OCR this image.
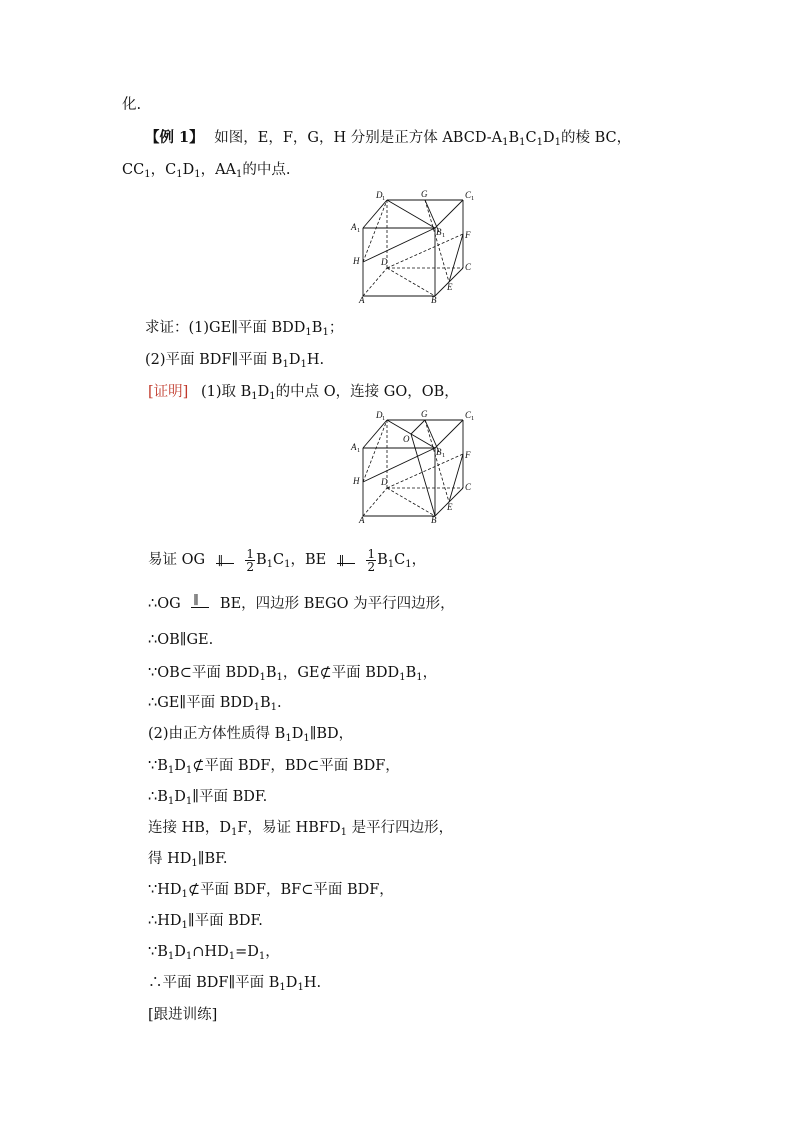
化.
【例 1】 如图，E，F，G，H 分别是正方体 ABCD-$A_1B_1C_1D_1$的棱 BC，
$CC_1$，$C_1D_1$，$AA_1$的中点.
D 1	G	C 1
A 1	B 1 F
H D	C
A	B
E
求证：(1)GE∥平面 $BDD_1B_1$；
(2)平面 BDF∥平面 $B_1D_1H$.
[证明] (1)取 $B_1D_1$的中点 O，连接 GO，OB，
D 1	G	C 1
O
A 1	B 1 F
H D	C
A	B
E
易证 OG ∥
$\frac{1}{2} B_1C_1$，BE ∥
$\frac{1}{2} B_1C_1$，
∴OG ∥ BE，四边形 BEGO 为平行四边形，
∴OB∥GE.
∵OB⊂平面 $BDD_1B_1$，GE⊄平面 $BDD_1B_1$，
∴GE∥平面 $BDD_1B_1$.
(2)由正方体性质得 $B_1D_1\parallel BD$，
$\because B_1D_1⊄$平面 BDF，BD⊂平面 BDF，
$\therefore B_1D_1\parallel$平面 BDF.
连接 HB，$D_1F$，易证 $HBFD_1$ 是平行四边形，
得 $HD_1\parallel BF$.
$\because HD_1⊄$平面 BDF，BF⊂平面 BDF，
$\therefore HD_1\parallel$平面 BDF.
$\because B_1D_1\cap HD_1=D_1$，
∴平面 BDF∥平面 $B_1D_1H$.
[跟进训练]
